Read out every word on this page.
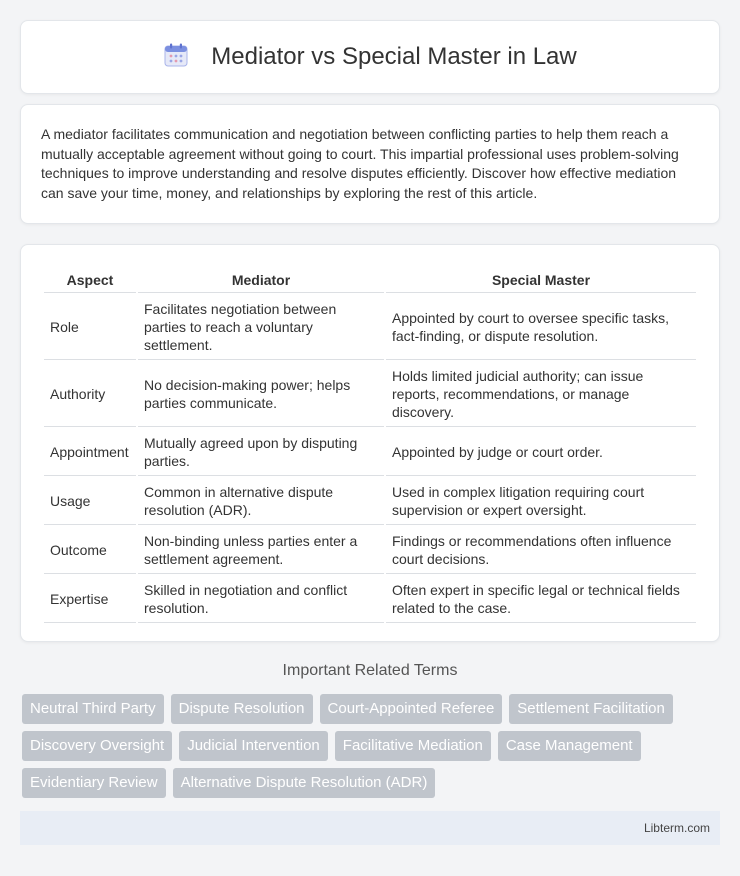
Mediator vs Special Master in Law

A mediator facilitates communication and negotiation between conflicting parties to help them reach a mutually acceptable agreement without going to court. This impartial professional uses problem-solving techniques to improve understanding and resolve disputes efficiently. Discover how effective mediation can save your time, money, and relationships by exploring the rest of this article.

Aspect	Mediator	Special Master
Role	Facilitates negotiation between parties to reach a voluntary settlement.	Appointed by court to oversee specific tasks, fact-finding, or dispute resolution.
Authority	No decision-making power; helps parties communicate.	Holds limited judicial authority; can issue reports, recommendations, or manage discovery.
Appointment	Mutually agreed upon by disputing parties.	Appointed by judge or court order.
Usage	Common in alternative dispute resolution (ADR).	Used in complex litigation requiring court supervision or expert oversight.
Outcome	Non-binding unless parties enter a settlement agreement.	Findings or recommendations often influence court decisions.
Expertise	Skilled in negotiation and conflict resolution.	Often expert in specific legal or technical fields related to the case.
Important Related Terms
Neutral Third Party	Dispute Resolution	Court-Appointed Referee	Settlement Facilitation
Discovery Oversight	Judicial Intervention	Facilitative Mediation	Case Management
Evidentiary Review	Alternative Dispute Resolution (ADR)
Libterm.com
